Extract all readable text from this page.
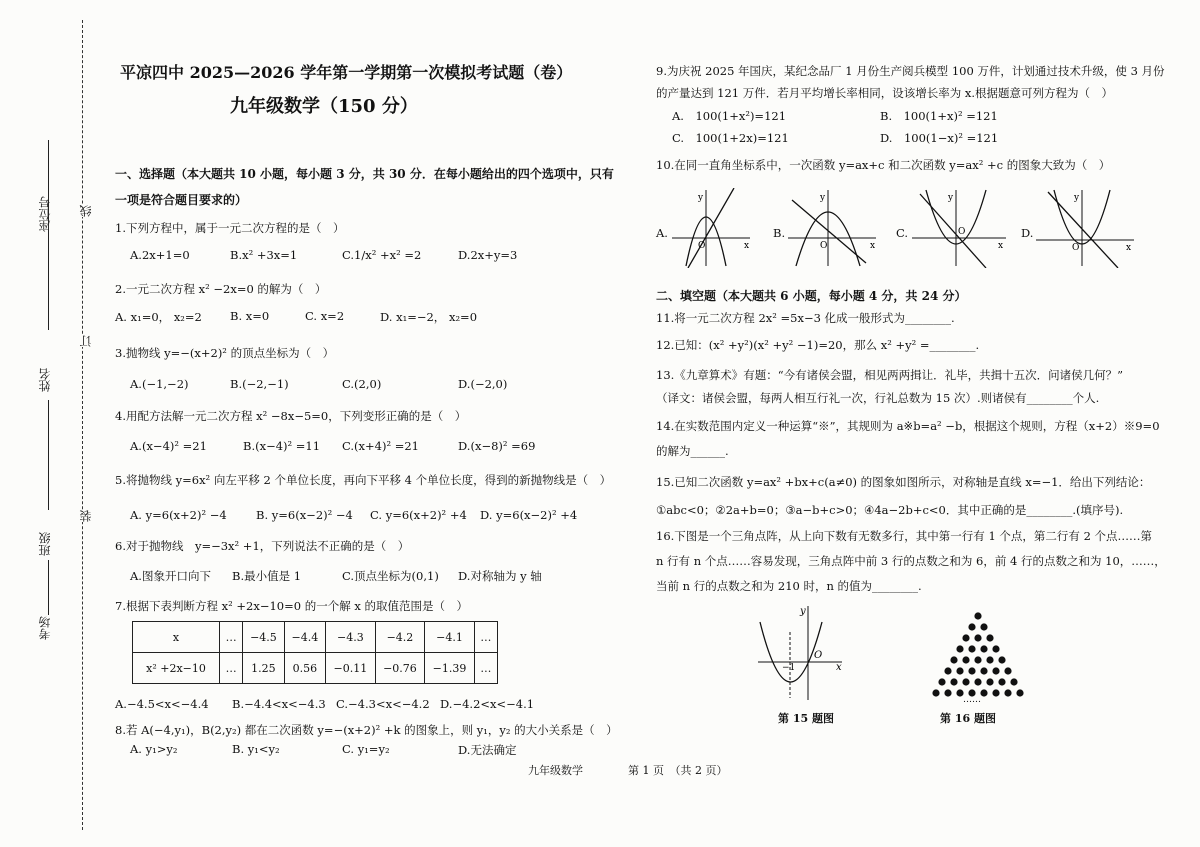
座位号
姓名
班级
考场
线
订
装
平凉四中 2025—2026 学年第一学期第一次模拟考试题（卷）
九年级数学（150 分）
一、选择题（本大题共 10 小题，每小题 3 分，共 30 分．在每小题给出的四个选项中，只有
一项是符合题目要求的）
1.下列方程中，属于一元二次方程的是（　）
A.2x+1=0	B.x² +3x=1	C.1/x² +x² =2	D.2x+y=3
2.一元二次方程 x² −2x=0 的解为（　）
A. x₁=0， x₂=2 B. x=0	C. x=2	D. x₁=−2， x₂=0
3.抛物线 y=−(x+2)² 的顶点坐标为（　）
A.(−1,−2)	B.(−2,−1)	C.(2,0)	D.(−2,0)
4.用配方法解一元二次方程 x² −8x−5=0，下列变形正确的是（　）
A.(x−4)² =21	B.(x−4)² =11 C.(x+4)² =21	D.(x−8)² =69
5.将抛物线 y=6x² 向左平移 2 个单位长度，再向下平移 4 个单位长度，得到的新抛物线是（　）
A. y=6(x+2)² −4	B. y=6(x−2)² −4 C. y=6(x+2)² +4 D. y=6(x−2)² +4
6.对于抛物线　y=−3x² +1，下列说法不正确的是（　）
A.图象开口向下 B.最小值是 1	C.顶点坐标为(0,1) D.对称轴为 y 轴
7.根据下表判断方程 x² +2x−10=0 的一个解 x 的取值范围是（　）
x	…	−4.5	−4.4	−4.3	−4.2	−4.1	…
x² +2x−10	…	1.25	0.56	−0.11	−0.76	−1.39	…
A.−4.5<x<−4.4 B.−4.4<x<−4.3 C.−4.3<x<−4.2 D.−4.2<x<−4.1
8.若 A(−4,y₁)，B(2,y₂) 都在二次函数 y=−(x+2)² +k 的图象上，则 y₁，y₂ 的大小关系是（　）
A. y₁>y₂	B. y₁<y₂	C. y₁=y₂	D.无法确定
9.为庆祝 2025 年国庆，某纪念品厂 1 月份生产阅兵模型 100 万件，计划通过技术升级，使 3 月份
的产量达到 121 万件．若月平均增长率相同，设该增长率为 x.根据题意可列方程为（　）
A.　100(1+x²)=121	B.　100(1+x)² =121
C.　100(1+2x)=121	D.　100(1−x)² =121
10.在同一直角坐标系中，一次函数 y=ax+c 和二次函数 y=ax² +c 的图象大致为（　）
A.
y
x
O
B.
y
x
O
C.
y
x
O	D.
y
x
O
二、填空题（本大题共 6 小题，每小题 4 分，共 24 分）
11.将一元二次方程 2x² =5x−3 化成一般形式为________.
12.已知：(x² +y²)(x² +y² −1)=20，那么 x² +y² =________.
13.《九章算术》有题：“今有诸侯会盟，相见两两揖让．礼毕，共揖十五次．问诸侯几何？”
（译文：诸侯会盟，每两人相互行礼一次，行礼总数为 15 次）.则诸侯有________个人.
14.在实数范围内定义一种运算“※”，其规则为 a※b=a² −b，根据这个规则，方程（x+2）※9=0
的解为______.
15.已知二次函数 y=ax² +bx+c(a≠0) 的图象如图所示，对称轴是直线 x=−1．给出下列结论：
①abc<0；②2a+b=0；③a−b+c>0；④4a−2b+c<0．其中正确的是________.(填序号).
16.下图是一个三角点阵，从上向下数有无数多行，其中第一行有 1 个点，第二行有 2 个点……第
n 行有 n 个点……容易发现，三角点阵中前 3 行的点数之和为 6，前 4 行的点数之和为 10，……，
当前 n 行的点数之和为 210 时，n 的值为________.
y
x
O
−1
第 15 题图
……
第 16 题图
九年级数学	第 1 页　（共 2 页）
